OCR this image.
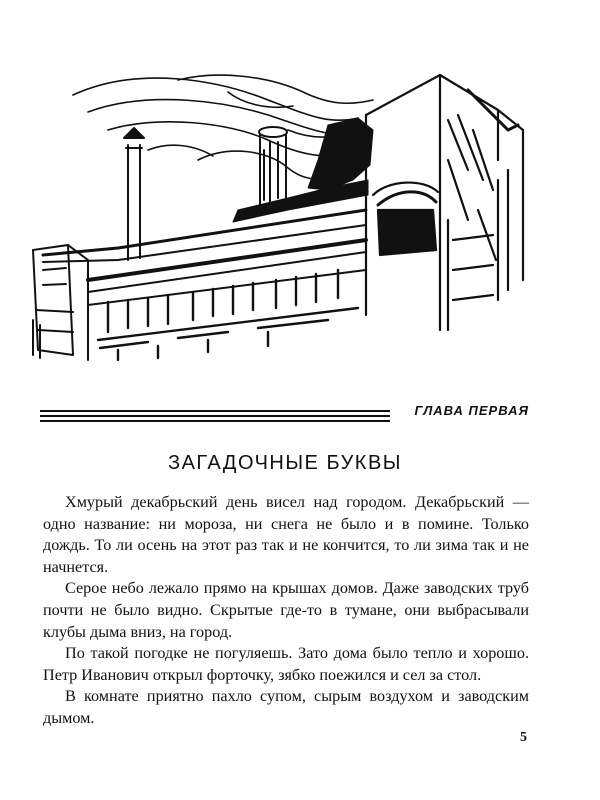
ГЛАВА ПЕРВАЯ
ЗАГАДОЧНЫЕ БУКВЫ

Хмурый декабрьский день висел над городом. Декабрьский — одно название: ни мороза, ни снега не было и в помине. Только дождь. То ли осень на этот раз так и не кончится, то ли зима так и не начнется.

Серое небо лежало прямо на крышах домов. Даже заводских труб почти не было видно. Скрытые где-то в тумане, они выбрасывали клубы дыма вниз, на город.

По такой погодке не погуляешь. Зато дома было тепло и хорошо. Петр Иванович открыл форточку, зябко поежился и сел за стол.

В комнате приятно пахло супом, сырым воздухом и заводским дымом.

5
